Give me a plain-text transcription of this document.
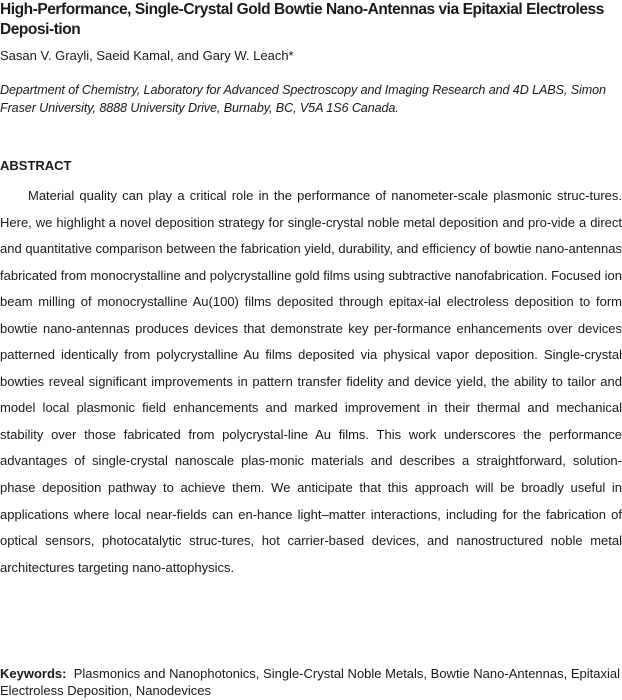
High-Performance, Single-Crystal Gold Bowtie Nano-Antennas via Epitaxial Electroless Deposi-tion

Sasan V. Grayli, Saeid Kamal, and Gary W. Leach*

Department of Chemistry, Laboratory for Advanced Spectroscopy and Imaging Research and 4D LABS, Simon Fraser University, 8888 University Drive, Burnaby, BC, V5A 1S6 Canada.

ABSTRACT

Material quality can play a critical role in the performance of nanometer-scale plasmonic struc-tures. Here, we highlight a novel deposition strategy for single-crystal noble metal deposition and pro-vide a direct and quantitative comparison between the fabrication yield, durability, and efficiency of bowtie nano-antennas fabricated from monocrystalline and polycrystalline gold films using subtractive nanofabrication. Focused ion beam milling of monocrystalline Au(100) films deposited through epitax-ial electroless deposition to form bowtie nano-antennas produces devices that demonstrate key per-formance enhancements over devices patterned identically from polycrystalline Au films deposited via physical vapor deposition. Single-crystal bowties reveal significant improvements in pattern transfer fidelity and device yield, the ability to tailor and model local plasmonic field enhancements and marked improvement in their thermal and mechanical stability over those fabricated from polycrystal-line Au films. This work underscores the performance advantages of single-crystal nanoscale plas-monic materials and describes a straightforward, solution-phase deposition pathway to achieve them. We anticipate that this approach will be broadly useful in applications where local near-fields can en-hance light–matter interactions, including for the fabrication of optical sensors, photocatalytic struc-tures, hot carrier-based devices, and nanostructured noble metal architectures targeting nano-attophysics.

Keywords: Plasmonics and Nanophotonics, Single-Crystal Noble Metals, Bowtie Nano-Antennas, Epitaxial Electroless Deposition, Nanodevices
